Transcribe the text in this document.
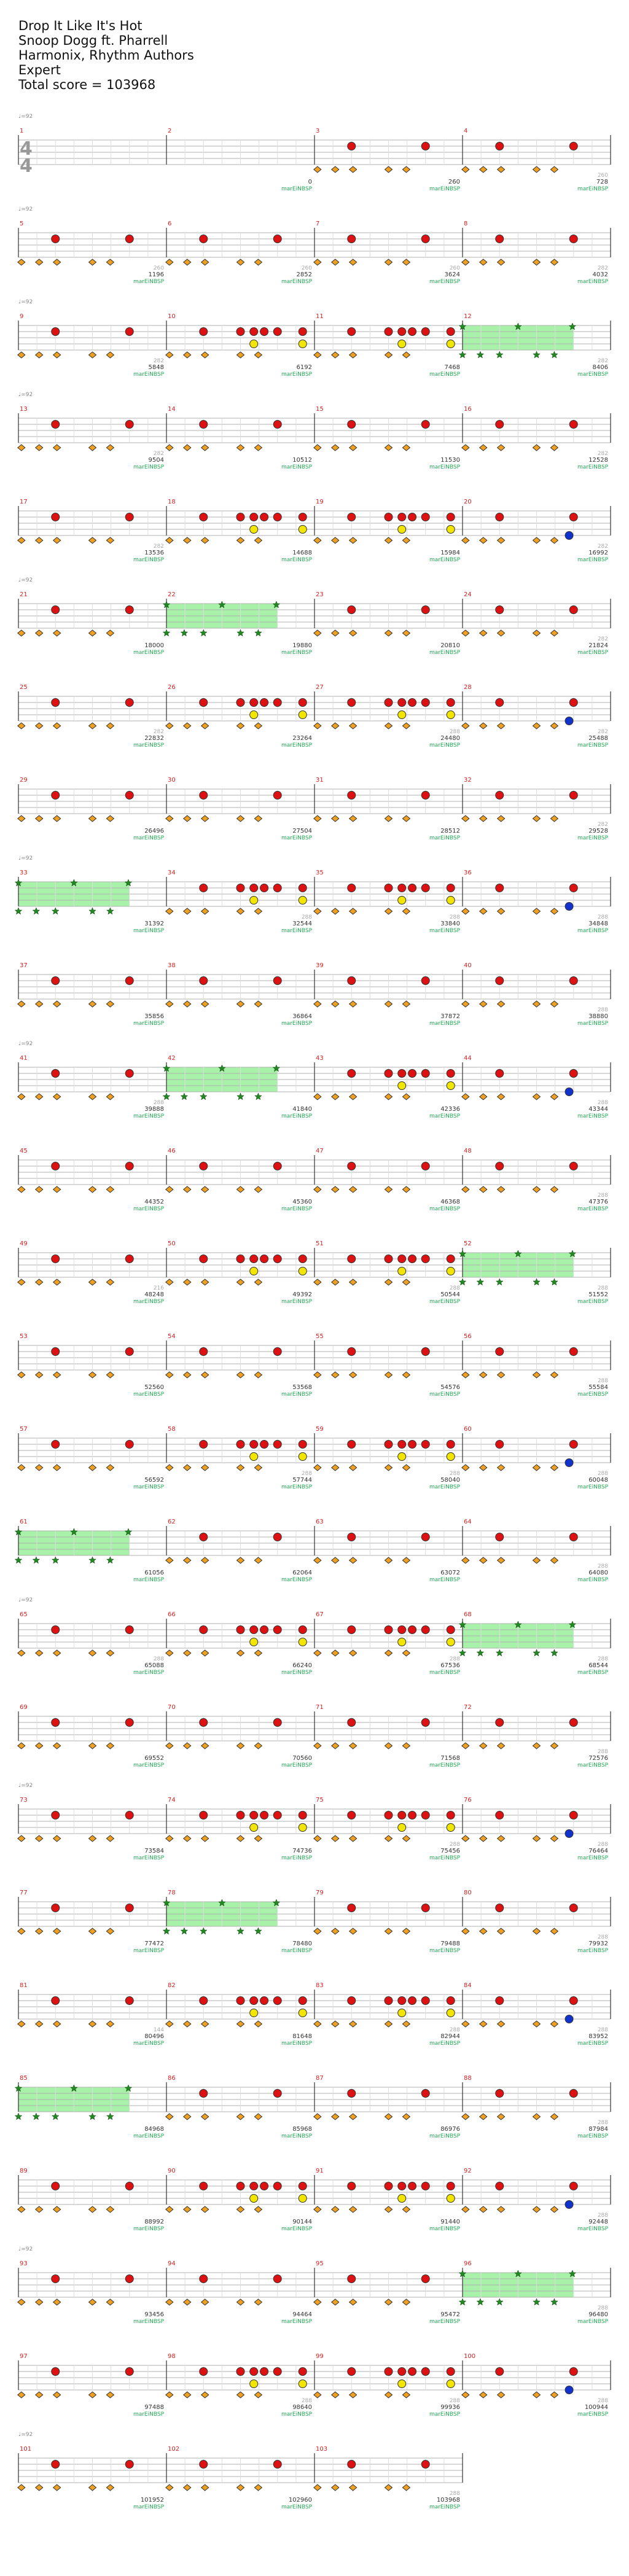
Drop It Like It's Hot
Snoop Dogg ft. Pharrell
Harmonix, Rhythm Authors
Expert
Total score = 103968
♩=92
1
4
4
2
0
marEiNBSP
3
260
marEiNBSP
4
260
728
marEiNBSP
♩=92
5
260
1196
marEiNBSP
6
260
2852
marEiNBSP
7
260
3624
marEiNBSP
8
282
4032
marEiNBSP
♩=92
9
282
5848
marEiNBSP
10
6192
marEiNBSP
11
7468
marEiNBSP
12
282
8406
marEiNBSP
♩=92
13
282
9504
marEiNBSP
14
10512
marEiNBSP
15
11530
marEiNBSP
16
282
12528
marEiNBSP
17
282
13536
marEiNBSP
18
14688
marEiNBSP
19
15984
marEiNBSP
20
282
16992
marEiNBSP
♩=92
21
18000
marEiNBSP
22
19880
marEiNBSP
23
20810
marEiNBSP
24
282
21824
marEiNBSP
25
282
22832
marEiNBSP
26
23264
marEiNBSP
27
288
24480
marEiNBSP
28
282
25488
marEiNBSP
29
26496
marEiNBSP
30
27504
marEiNBSP
31
28512
marEiNBSP
32
282
29528
marEiNBSP
♩=92
33
31392
marEiNBSP
34
288
32544
marEiNBSP
35
288
33840
marEiNBSP
36
288
34848
marEiNBSP
37
35856
marEiNBSP
38
36864
marEiNBSP
39
37872
marEiNBSP
40
288
38880
marEiNBSP
♩=92
41
288
39888
marEiNBSP
42
41840
marEiNBSP
43
42336
marEiNBSP
44
288
43344
marEiNBSP
45
44352
marEiNBSP
46
45360
marEiNBSP
47
46368
marEiNBSP
48
288
47376
marEiNBSP
49
216
48248
marEiNBSP
50
49392
marEiNBSP
51
288
50544
marEiNBSP
52
288
51552
marEiNBSP
53
52560
marEiNBSP
54
53568
marEiNBSP
55
54576
marEiNBSP
56
288
55584
marEiNBSP
57
56592
marEiNBSP
58
288
57744
marEiNBSP
59
288
58040
marEiNBSP
60
288
60048
marEiNBSP
61
61056
marEiNBSP
62
62064
marEiNBSP
63
63072
marEiNBSP
64
288
64080
marEiNBSP
♩=92
65
288
65088
marEiNBSP
66
66240
marEiNBSP
67
288
67536
marEiNBSP
68
288
68544
marEiNBSP
69
69552
marEiNBSP
70
70560
marEiNBSP
71
71568
marEiNBSP
72
288
72576
marEiNBSP
♩=92
73
73584
marEiNBSP
74
74736
marEiNBSP
75
288
75456
marEiNBSP
76
288
76464
marEiNBSP
77
77472
marEiNBSP
78
78480
marEiNBSP
79
79488
marEiNBSP
80
288
79932
marEiNBSP
81
144
80496
marEiNBSP
82
81648
marEiNBSP
83
288
82944
marEiNBSP
84
288
83952
marEiNBSP
85
84968
marEiNBSP
86
85968
marEiNBSP
87
86976
marEiNBSP
88
288
87984
marEiNBSP
89
88992
marEiNBSP
90
90144
marEiNBSP
91
91440
marEiNBSP
92
288
92448
marEiNBSP
♩=92
93
93456
marEiNBSP
94
94464
marEiNBSP
95
95472
marEiNBSP
96
288
96480
marEiNBSP
97
97488
marEiNBSP
98
288
98640
marEiNBSP
99
288
99936
marEiNBSP
100
288
100944
marEiNBSP
♩=92
101
101952
marEiNBSP
102
102960
marEiNBSP
103
288
103968
marEiNBSP
